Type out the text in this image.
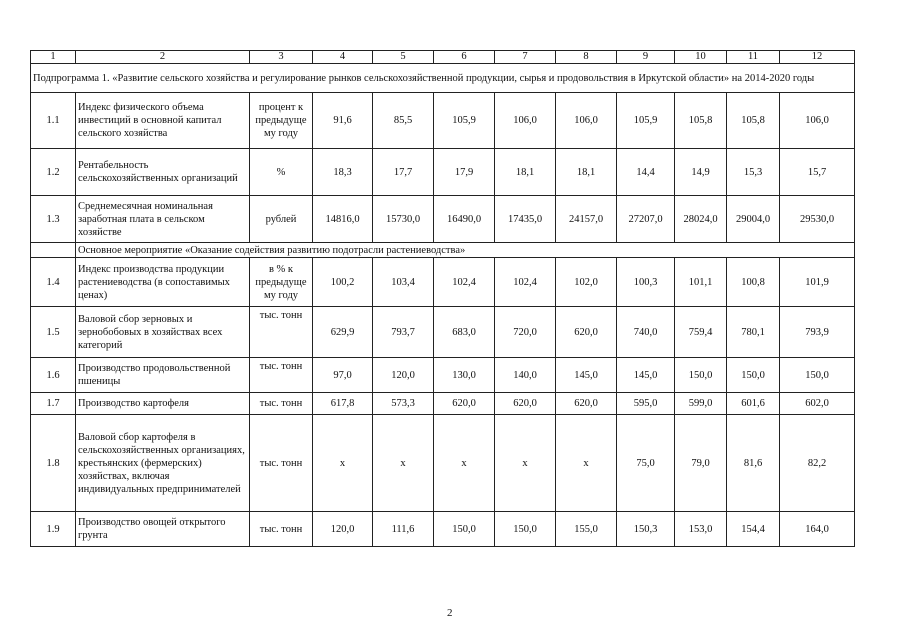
1	2	3	4	5	6	7	8	9	10	11	12
Подпрограмма 1. «Развитие сельского хозяйства и регулирование рынков сельскохозяйственной продукции, сырья и продовольствия в Иркутской области» на 2014-2020 годы											
1.1	Индекс физического объема инвестиций в основной капитал сельского хозяйства	процент к предыдуще му году	91,6	85,5	105,9	106,0	106,0	105,9	105,8	105,8	106,0
1.2	Рентабельность сельскохозяйственных организаций	%	18,3	17,7	17,9	18,1	18,1	14,4	14,9	15,3	15,7
1.3	Среднемесячная номинальная заработная плата в сельском хозяйстве	рублей	14816,0	15730,0	16490,0	17435,0	24157,0	27207,0	28024,0	29004,0	29530,0
	Основное мероприятие «Оказание содействия развитию подотрасли растениеводства»										
1.4	Индекс производства продукции растениеводства (в сопоставимых ценах)	в % к предыдуще му году	100,2	103,4	102,4	102,4	102,0	100,3	101,1	100,8	101,9
1.5	Валовой сбор зерновых и зернобобовых в хозяйствах всех категорий	тыс. тонн	629,9	793,7	683,0	720,0	620,0	740,0	759,4	780,1	793,9
1.6	Производство продовольственной пшеницы	тыс. тонн	97,0	120,0	130,0	140,0	145,0	145,0	150,0	150,0	150,0
1.7	Производство картофеля	тыс. тонн	617,8	573,3	620,0	620,0	620,0	595,0	599,0	601,6	602,0
1.8	Валовой сбор картофеля в сельскохозяйственных организациях, крестьянских (фермерских) хозяйствах, включая индивидуальных предпринимателей	тыс. тонн	х	х	х	х	х	75,0	79,0	81,6	82,2
1.9	Производство овощей открытого грунта	тыс. тонн	120,0	111,6	150,0	150,0	155,0	150,3	153,0	154,4	164,0
2
